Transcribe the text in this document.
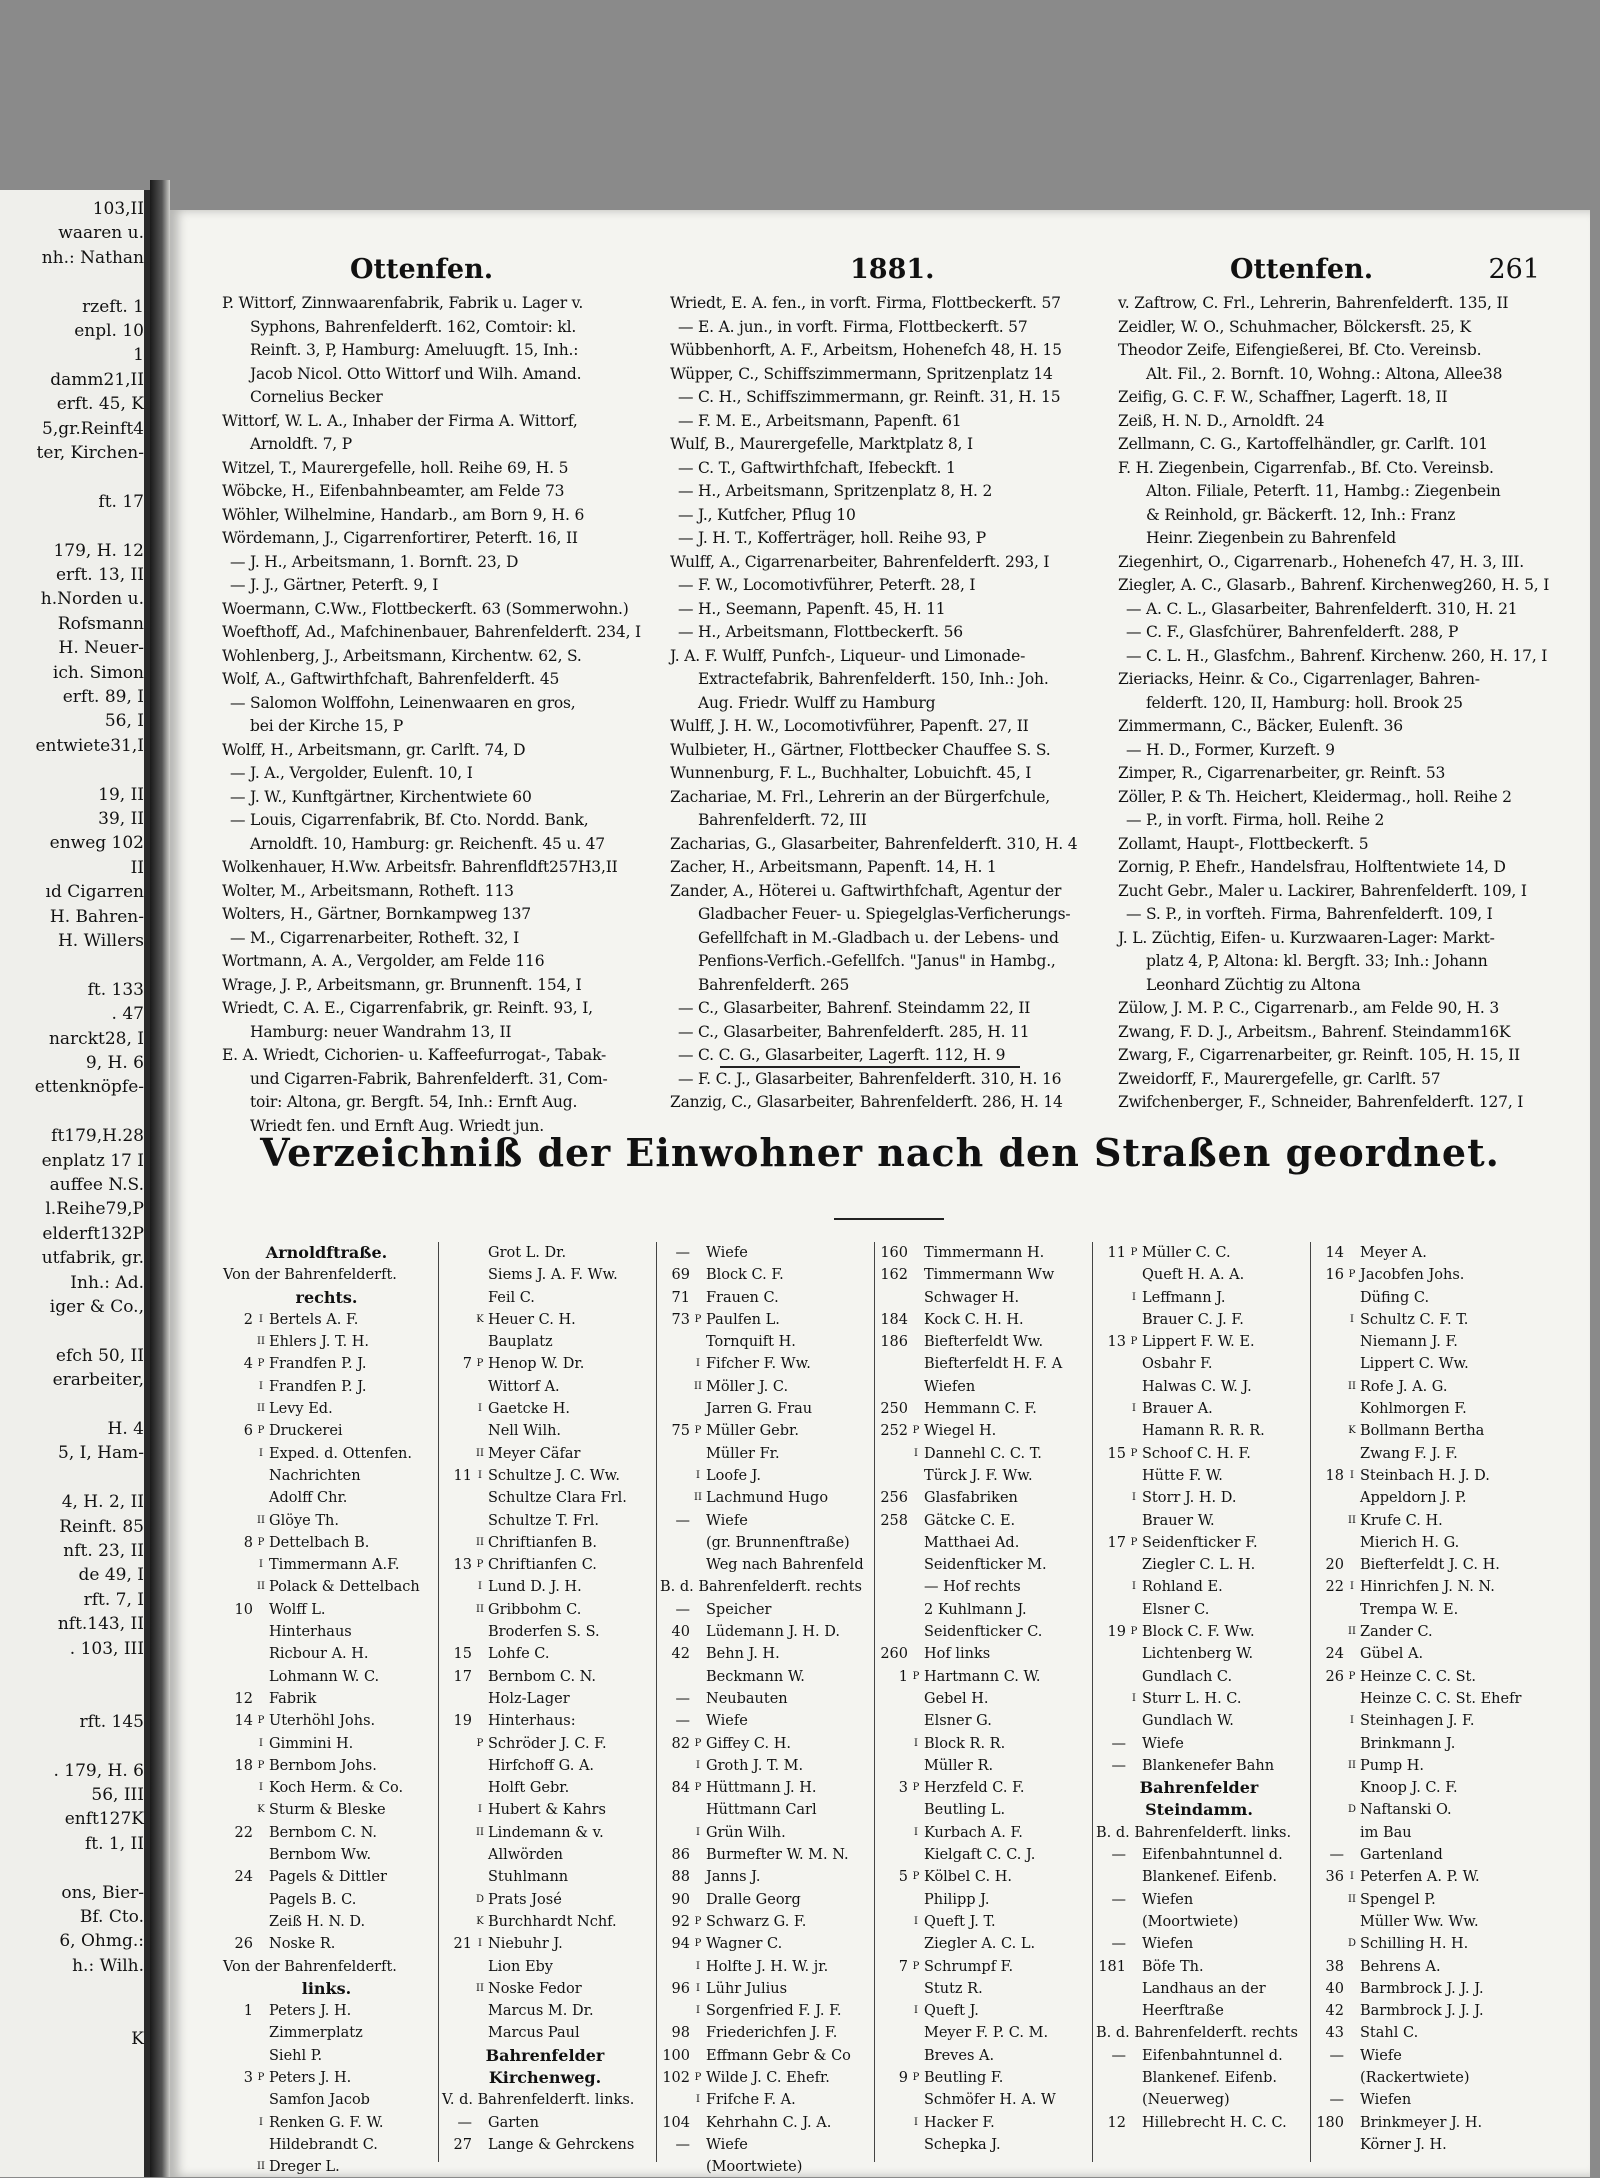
103,II
waaren u.
nh.: Nathan
rzeft. 1
enpl. 10
1
damm21,II
erft. 45, K
5,gr.Reinft4
ter, Kirchen-
ft. 17
179, H. 12
erft. 13, II
h.Norden u.
Rofsmann
H. Neuer-
ich. Simon
erft. 89, I
56, I
entwiete31,I
19, II
39, II
enweg 102
II
ıd Cigarren
H. Bahren-
H. Willers
ft. 133
. 47
narckt28, I
9, H. 6
ettenknöpfe-
ft179,H.28
enplatz 17 I
auffee N.S.
l.Reihe79,P
elderft132P
utfabrik, gr.
Inh.: Ad.
iger & Co.,
efch 50, II
erarbeiter,
H. 4
5, I, Ham-
4, H. 2, II
Reinft. 85
nft. 23, II
de 49, I
rft. 7, I
nft.143, II
. 103, III
rft. 145
. 179, H. 6
56, III
enft127K
ft. 1, II
ons, Bier-
Bf. Cto.
6, Ohmg.:
h.: Wilh.
K
Ottenfen.	1881.	Ottenfen.	261
P. Wittorf, Zinnwaarenfabrik, Fabrik u. Lager v.
Syphons, Bahrenfelderft. 162, Comtoir: kl.
Reinft. 3, P, Hamburg: Ameluugft. 15, Inh.:
Jacob Nicol. Otto Wittorf und Wilh. Amand.
Cornelius Becker
Wittorf, W. L. A., Inhaber der Firma A. Wittorf,
Arnoldft. 7, P
Witzel, T., Maurergefelle, holl. Reihe 69, H. 5
Wöbcke, H., Eifenbahnbeamter, am Felde 73
Wöhler, Wilhelmine, Handarb., am Born 9, H. 6
Wördemann, J., Cigarrenfortirer, Peterft. 16, II
— J. H., Arbeitsmann, 1. Bornft. 23, D
— J. J., Gärtner, Peterft. 9, I
Woermann, C.Ww., Flottbeckerft. 63 (Sommerwohn.)
Woefthoff, Ad., Mafchinenbauer, Bahrenfelderft. 234, I
Wohlenberg, J., Arbeitsmann, Kirchentw. 62, S.
Wolf, A., Gaftwirthfchaft, Bahrenfelderft. 45
— Salomon Wolffohn, Leinenwaaren en gros,
bei der Kirche 15, P
Wolff, H., Arbeitsmann, gr. Carlft. 74, D
— J. A., Vergolder, Eulenft. 10, I
— J. W., Kunftgärtner, Kirchentwiete 60
— Louis, Cigarrenfabrik, Bf. Cto. Nordd. Bank,
Arnoldft. 10, Hamburg: gr. Reichenft. 45 u. 47
Wolkenhauer, H.Ww. Arbeitsfr. Bahrenfldft257H3,II
Wolter, M., Arbeitsmann, Rotheft. 113
Wolters, H., Gärtner, Bornkampweg 137
— M., Cigarrenarbeiter, Rotheft. 32, I
Wortmann, A. A., Vergolder, am Felde 116
Wrage, J. P., Arbeitsmann, gr. Brunnenft. 154, I
Wriedt, C. A. E., Cigarrenfabrik, gr. Reinft. 93, I,
Hamburg: neuer Wandrahm 13, II
E. A. Wriedt, Cichorien- u. Kaffeefurrogat-, Tabak-
und Cigarren-Fabrik, Bahrenfelderft. 31, Com-
toir: Altona, gr. Bergft. 54, Inh.: Ernft Aug.
Wriedt fen. und Ernft Aug. Wriedt jun.
Wriedt, E. A. fen., in vorft. Firma, Flottbeckerft. 57
— E. A. jun., in vorft. Firma, Flottbeckerft. 57
Wübbenhorft, A. F., Arbeitsm, Hohenefch 48, H. 15
Wüpper, C., Schiffszimmermann, Spritzenplatz 14
— C. H., Schiffszimmermann, gr. Reinft. 31, H. 15
— F. M. E., Arbeitsmann, Papenft. 61
Wulf, B., Maurergefelle, Marktplatz 8, I
— C. T., Gaftwirthfchaft, Ifebeckft. 1
— H., Arbeitsmann, Spritzenplatz 8, H. 2
— J., Kutfcher, Pflug 10
— J. H. T., Kofferträger, holl. Reihe 93, P
Wulff, A., Cigarrenarbeiter, Bahrenfelderft. 293, I
— F. W., Locomotivführer, Peterft. 28, I
— H., Seemann, Papenft. 45, H. 11
— H., Arbeitsmann, Flottbeckerft. 56
J. A. F. Wulff, Punfch-, Liqueur- und Limonade-
Extractefabrik, Bahrenfelderft. 150, Inh.: Joh.
Aug. Friedr. Wulff zu Hamburg
Wulff, J. H. W., Locomotivführer, Papenft. 27, II
Wulbieter, H., Gärtner, Flottbecker Chauffee S. S.
Wunnenburg, F. L., Buchhalter, Lobuichft. 45, I
Zachariae, M. Frl., Lehrerin an der Bürgerfchule,
Bahrenfelderft. 72, III
Zacharias, G., Glasarbeiter, Bahrenfelderft. 310, H. 4
Zacher, H., Arbeitsmann, Papenft. 14, H. 1
Zander, A., Höterei u. Gaftwirthfchaft, Agentur der
Gladbacher Feuer- u. Spiegelglas-Verficherungs-
Gefellfchaft in M.-Gladbach u. der Lebens- und
Penfions-Verfich.-Gefellfch. "Janus" in Hambg.,
Bahrenfelderft. 265
— C., Glasarbeiter, Bahrenf. Steindamm 22, II
— C., Glasarbeiter, Bahrenfelderft. 285, H. 11
— C. C. G., Glasarbeiter, Lagerft. 112, H. 9
— F. C. J., Glasarbeiter, Bahrenfelderft. 310, H. 16
Zanzig, C., Glasarbeiter, Bahrenfelderft. 286, H. 14
v. Zaftrow, C. Frl., Lehrerin, Bahrenfelderft. 135, II
Zeidler, W. O., Schuhmacher, Bölckersft. 25, K
Theodor Zeife, Eifengießerei, Bf. Cto. Vereinsb.
Alt. Fil., 2. Bornft. 10, Wohng.: Altona, Allee38
Zeifig, G. C. F. W., Schaffner, Lagerft. 18, II
Zeiß, H. N. D., Arnoldft. 24
Zellmann, C. G., Kartoffelhändler, gr. Carlft. 101
F. H. Ziegenbein, Cigarrenfab., Bf. Cto. Vereinsb.
Alton. Filiale, Peterft. 11, Hambg.: Ziegenbein
& Reinhold, gr. Bäckerft. 12, Inh.: Franz
Heinr. Ziegenbein zu Bahrenfeld
Ziegenhirt, O., Cigarrenarb., Hohenefch 47, H. 3, III.
Ziegler, A. C., Glasarb., Bahrenf. Kirchenweg260, H. 5, I
— A. C. L., Glasarbeiter, Bahrenfelderft. 310, H. 21
— C. F., Glasfchürer, Bahrenfelderft. 288, P
— C. L. H., Glasfchm., Bahrenf. Kirchenw. 260, H. 17, I
Zieriacks, Heinr. & Co., Cigarrenlager, Bahren-
felderft. 120, II, Hamburg: holl. Brook 25
Zimmermann, C., Bäcker, Eulenft. 36
— H. D., Former, Kurzeft. 9
Zimper, R., Cigarrenarbeiter, gr. Reinft. 53
Zöller, P. & Th. Heichert, Kleidermag., holl. Reihe 2
— P., in vorft. Firma, holl. Reihe 2
Zollamt, Haupt-, Flottbeckerft. 5
Zornig, P. Ehefr., Handelsfrau, Holftentwiete 14, D
Zucht Gebr., Maler u. Lackirer, Bahrenfelderft. 109, I
— S. P., in vorfteh. Firma, Bahrenfelderft. 109, I
J. L. Züchtig, Eifen- u. Kurzwaaren-Lager: Markt-
platz 4, P, Altona: kl. Bergft. 33; Inh.: Johann
Leonhard Züchtig zu Altona
Zülow, J. M. P. C., Cigarrenarb., am Felde 90, H. 3
Zwang, F. D. J., Arbeitsm., Bahrenf. Steindamm16K
Zwarg, F., Cigarrenarbeiter, gr. Reinft. 105, H. 15, II
Zweidorff, F., Maurergefelle, gr. Carlft. 57
Zwifchenberger, F., Schneider, Bahrenfelderft. 127, I
Verzeichniß der Einwohner nach den Straßen geordnet.
Arnoldftraße.
Von der Bahrenfelderft.
rechts.
2 I Bertels A. F.
II Ehlers J. T. H.
4 P Frandfen P. J.
I Frandfen P. J.
II Levy Ed.
6 P Druckerei
I Exped. d. Ottenfen.
Nachrichten
Adolff Chr.
II Glöye Th.
8 P Dettelbach B.
I Timmermann A.F.
II Polack & Dettelbach
10 Wolff L.
Hinterhaus
Ricbour A. H.
Lohmann W. C.
12 Fabrik
14 P Uterhöhl Johs.
I Gimmini H.
18 P Bernbom Johs.
I Koch Herm. & Co.
K Sturm & Bleske
22 Bernbom C. N.
Bernbom Ww.
24 Pagels & Dittler
Pagels B. C.
Zeiß H. N. D.
26 Noske R.
Von der Bahrenfelderft.
links.
1 Peters J. H.
Zimmerplatz
Siehl P.
3 P Peters J. H.
Samfon Jacob
I Renken G. F. W.
Hildebrandt C.
II Dreger L.
Grot L. Dr.
Siems J. A. F. Ww.
Feil C.
K Heuer C. H.
Bauplatz
7 P Henop W. Dr.
Wittorf A.
I Gaetcke H.
Nell Wilh.
II Meyer Cäfar
11 I Schultze J. C. Ww.
Schultze Clara Frl.
Schultze T. Frl.
II Chriftianfen B.
13 P Chriftianfen C.
I Lund D. J. H.
II Gribbohm C.
Broderfen S. S.
15 Lohfe C.
17 Bernbom C. N.
Holz-Lager
19 Hinterhaus:
P Schröder J. C. F.
Hirfchoff G. A.
Holft Gebr.
I Hubert & Kahrs
II Lindemann & v.
Allwörden
Stuhlmann
D Prats José
K Burchhardt Nchf.
21 I Niebuhr J.
Lion Eby
II Noske Fedor
Marcus M. Dr.
Marcus Paul
Bahrenfelder
Kirchenweg.
V. d. Bahrenfelderft. links.
— Garten
27 Lange & Gehrckens
— Wiefe
69 Block C. F.
71 Frauen C.
73 P Paulfen L.
Tornquift H.
I Fifcher F. Ww.
II Möller J. C.
Jarren G. Frau
75 P Müller Gebr.
Müller Fr.
I Loofe J.
II Lachmund Hugo
— Wiefe
(gr. Brunnenftraße)
Weg nach Bahrenfeld
B. d. Bahrenfelderft. rechts
— Speicher
40 Lüdemann J. H. D.
42 Behn J. H.
Beckmann W.
— Neubauten
— Wiefe
82 P Giffey C. H.
I Groth J. T. M.
84 P Hüttmann J. H.
Hüttmann Carl
I Grün Wilh.
86 Burmefter W. M. N.
88 Janns J.
90 Dralle Georg
92 P Schwarz G. F.
94 P Wagner C.
I Holfte J. H. W. jr.
96 I Lühr Julius
I Sorgenfried F. J. F.
98 Friederichfen J. F.
100 Effmann Gebr & Co
102 P Wilde J. C. Ehefr.
I Frifche F. A.
104 Kehrhahn C. J. A.
— Wiefe
(Moortwiete)
160 Timmermann H.
162 Timmermann Ww
Schwager H.
184 Kock C. H. H.
186 Biefterfeldt Ww.
Biefterfeldt H. F. A
Wiefen
250 Hemmann C. F.
252 P Wiegel H.
I Dannehl C. C. T.
Türck J. F. Ww.
256 Glasfabriken
258 Gätcke C. E.
Matthaei Ad.
Seidenfticker M.
— Hof rechts
2 Kuhlmann J.
Seidenfticker C.
260 Hof links
1 P Hartmann C. W.
Gebel H.
Elsner G.
I Block R. R.
Müller R.
3 P Herzfeld C. F.
Beutling L.
I Kurbach A. F.
Kielgaft C. C. J.
5 P Kölbel C. H.
Philipp J.
I Queft J. T.
Ziegler A. C. L.
7 P Schrumpf F.
Stutz R.
I Queft J.
Meyer F. P. C. M.
Breves A.
9 P Beutling F.
Schmöfer H. A. W
I Hacker F.
Schepka J.
11 P Müller C. C.
Queft H. A. A.
I Leffmann J.
Brauer C. J. F.
13 P Lippert F. W. E.
Osbahr F.
Halwas C. W. J.
I Brauer A.
Hamann R. R. R.
15 P Schoof C. H. F.
Hütte F. W.
I Storr J. H. D.
Brauer W.
17 P Seidenfticker F.
Ziegler C. L. H.
I Rohland E.
Elsner C.
19 P Block C. F. Ww.
Lichtenberg W.
Gundlach C.
I Sturr L. H. C.
Gundlach W.
— Wiefe
— Blankenefer Bahn
Bahrenfelder
Steindamm.
B. d. Bahrenfelderft. links.
— Eifenbahntunnel d.
Blankenef. Eifenb.
— Wiefen
(Moortwiete)
— Wiefen
181 Böfe Th.
Landhaus an der
Heerftraße
B. d. Bahrenfelderft. rechts
— Eifenbahntunnel d.
Blankenef. Eifenb.
(Neuerweg)
12 Hillebrecht H. C. C.
14 Meyer A.
16 P Jacobfen Johs.
Düfing C.
I Schultz C. F. T.
Niemann J. F.
Lippert C. Ww.
II Rofe J. A. G.
Kohlmorgen F.
K Bollmann Bertha
Zwang F. J. F.
18 I Steinbach H. J. D.
Appeldorn J. P.
II Krufe C. H.
Mierich H. G.
20 Biefterfeldt J. C. H.
22 I Hinrichfen J. N. N.
Trempa W. E.
II Zander C.
24 Gübel A.
26 P Heinze C. C. St.
Heinze C. C. St. Ehefr
I Steinhagen J. F.
Brinkmann J.
II Pump H.
Knoop J. C. F.
D Naftanski O.
im Bau
— Gartenland
36 I Peterfen A. P. W.
II Spengel P.
Müller Ww. Ww.
D Schilling H. H.
38 Behrens A.
40 Barmbrock J. J. J.
42 Barmbrock J. J. J.
43 Stahl C.
— Wiefe
(Rackertwiete)
— Wiefen
180 Brinkmeyer J. H.
Körner J. H.
